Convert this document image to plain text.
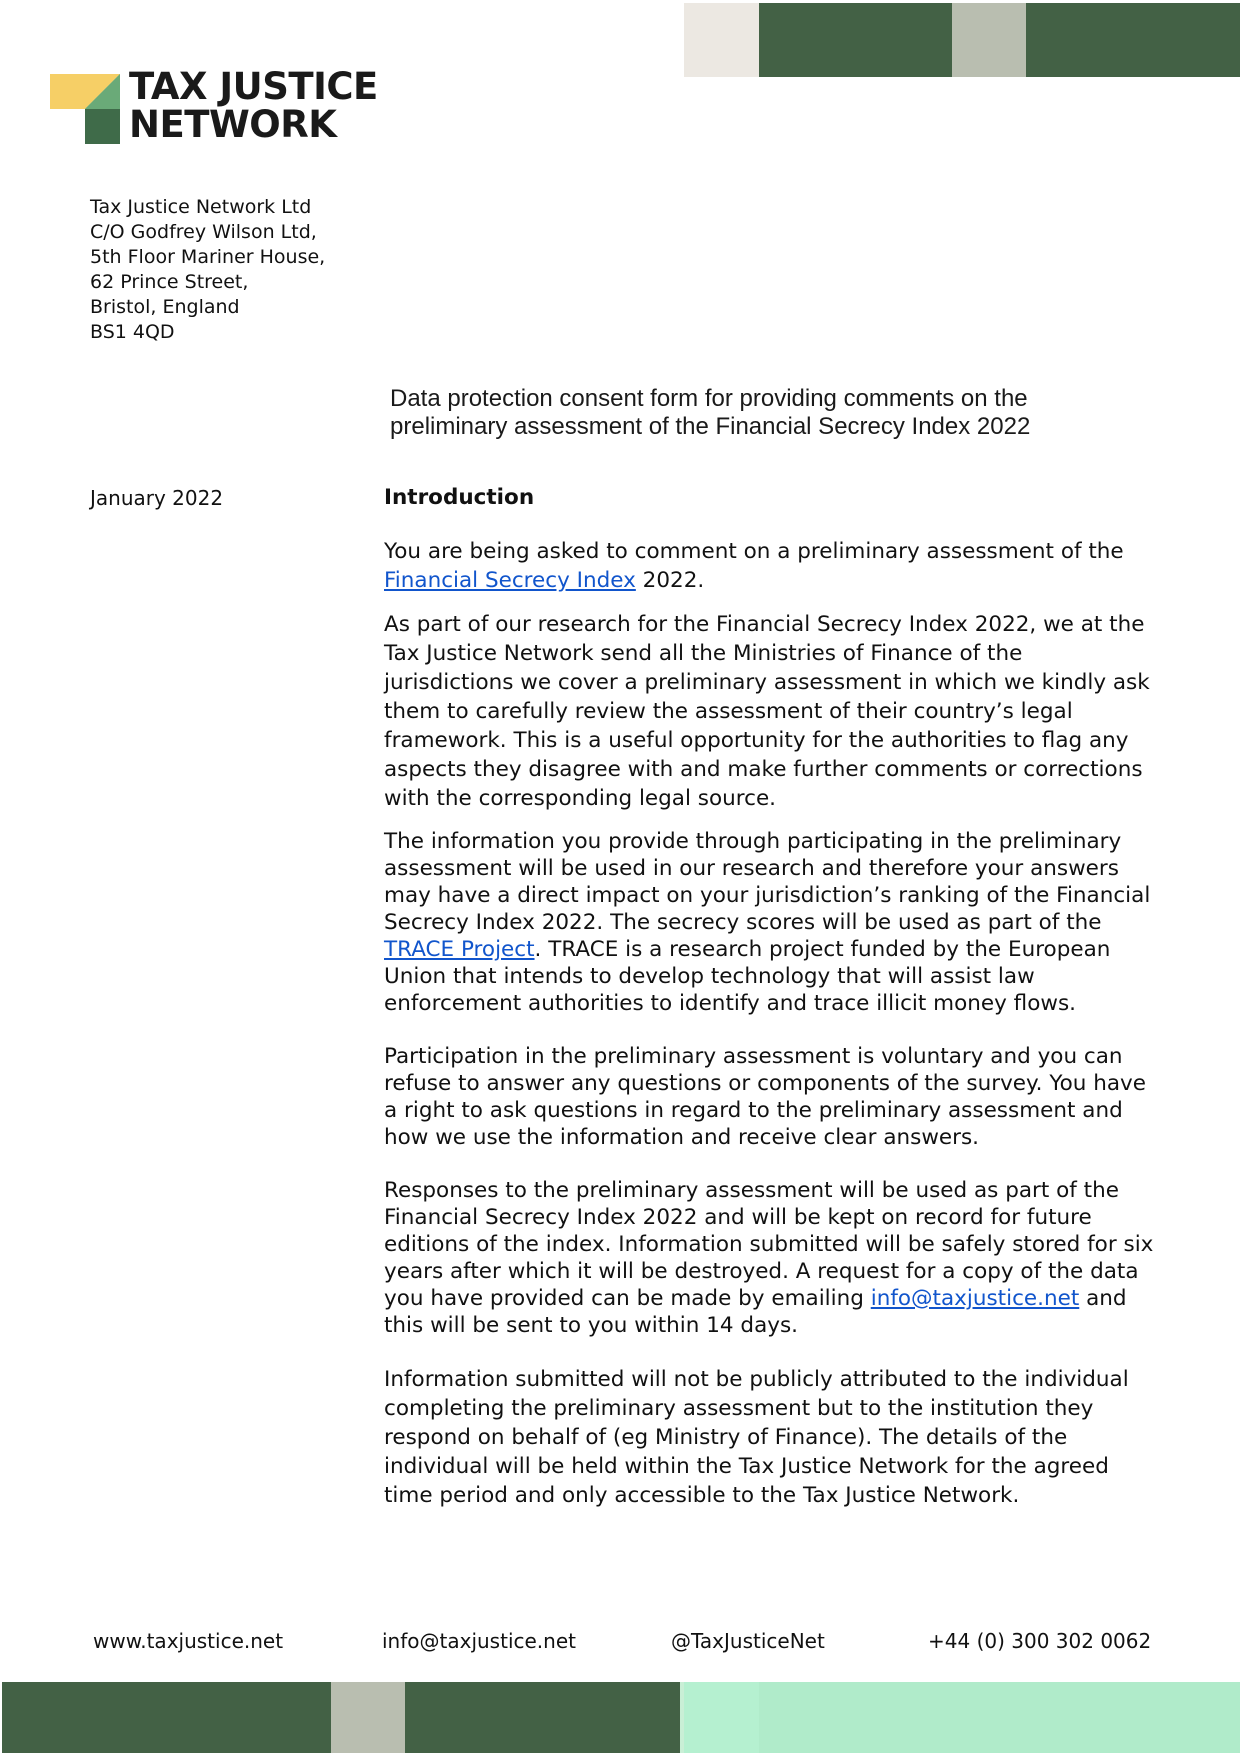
TAX JUSTICE
NETWORK
Tax Justice Network Ltd
C/O Godfrey Wilson Ltd,
5th Floor Mariner House,
62 Prince Street,
Bristol, England
BS1 4QD
Data protection consent form for providing comments on the
preliminary assessment of the Financial Secrecy Index 2022
January 2022	Introduction

You are being asked to comment on a preliminary assessment of the Financial Secrecy Index 2022.

As part of our research for the Financial Secrecy Index 2022, we at the Tax Justice Network send all the Ministries of Finance of the jurisdictions we cover a preliminary assessment in which we kindly ask them to carefully review the assessment of their country’s legal framework. This is a useful opportunity for the authorities to flag any aspects they disagree with and make further comments or corrections with the corresponding legal source.

The information you provide through participating in the preliminary assessment will be used in our research and therefore your answers may have a direct impact on your jurisdiction’s ranking of the Financial Secrecy Index 2022. The secrecy scores will be used as part of the TRACE Project. TRACE is a research project funded by the European Union that intends to develop technology that will assist law enforcement authorities to identify and trace illicit money flows.

Participation in the preliminary assessment is voluntary and you can refuse to answer any questions or components of the survey. You have a right to ask questions in regard to the preliminary assessment and how we use the information and receive clear answers.

Responses to the preliminary assessment will be used as part of the Financial Secrecy Index 2022 and will be kept on record for future editions of the index. Information submitted will be safely stored for six years after which it will be destroyed. A request for a copy of the data you have provided can be made by emailing info@taxjustice.net and this will be sent to you within 14 days.

Information submitted will not be publicly attributed to the individual completing the preliminary assessment but to the institution they respond on behalf of (eg Ministry of Finance). The details of the individual will be held within the Tax Justice Network for the agreed time period and only accessible to the Tax Justice Network.

www.taxjustice.net	info@taxjustice.net	@TaxJusticeNet	+44 (0) 300 302 0062
